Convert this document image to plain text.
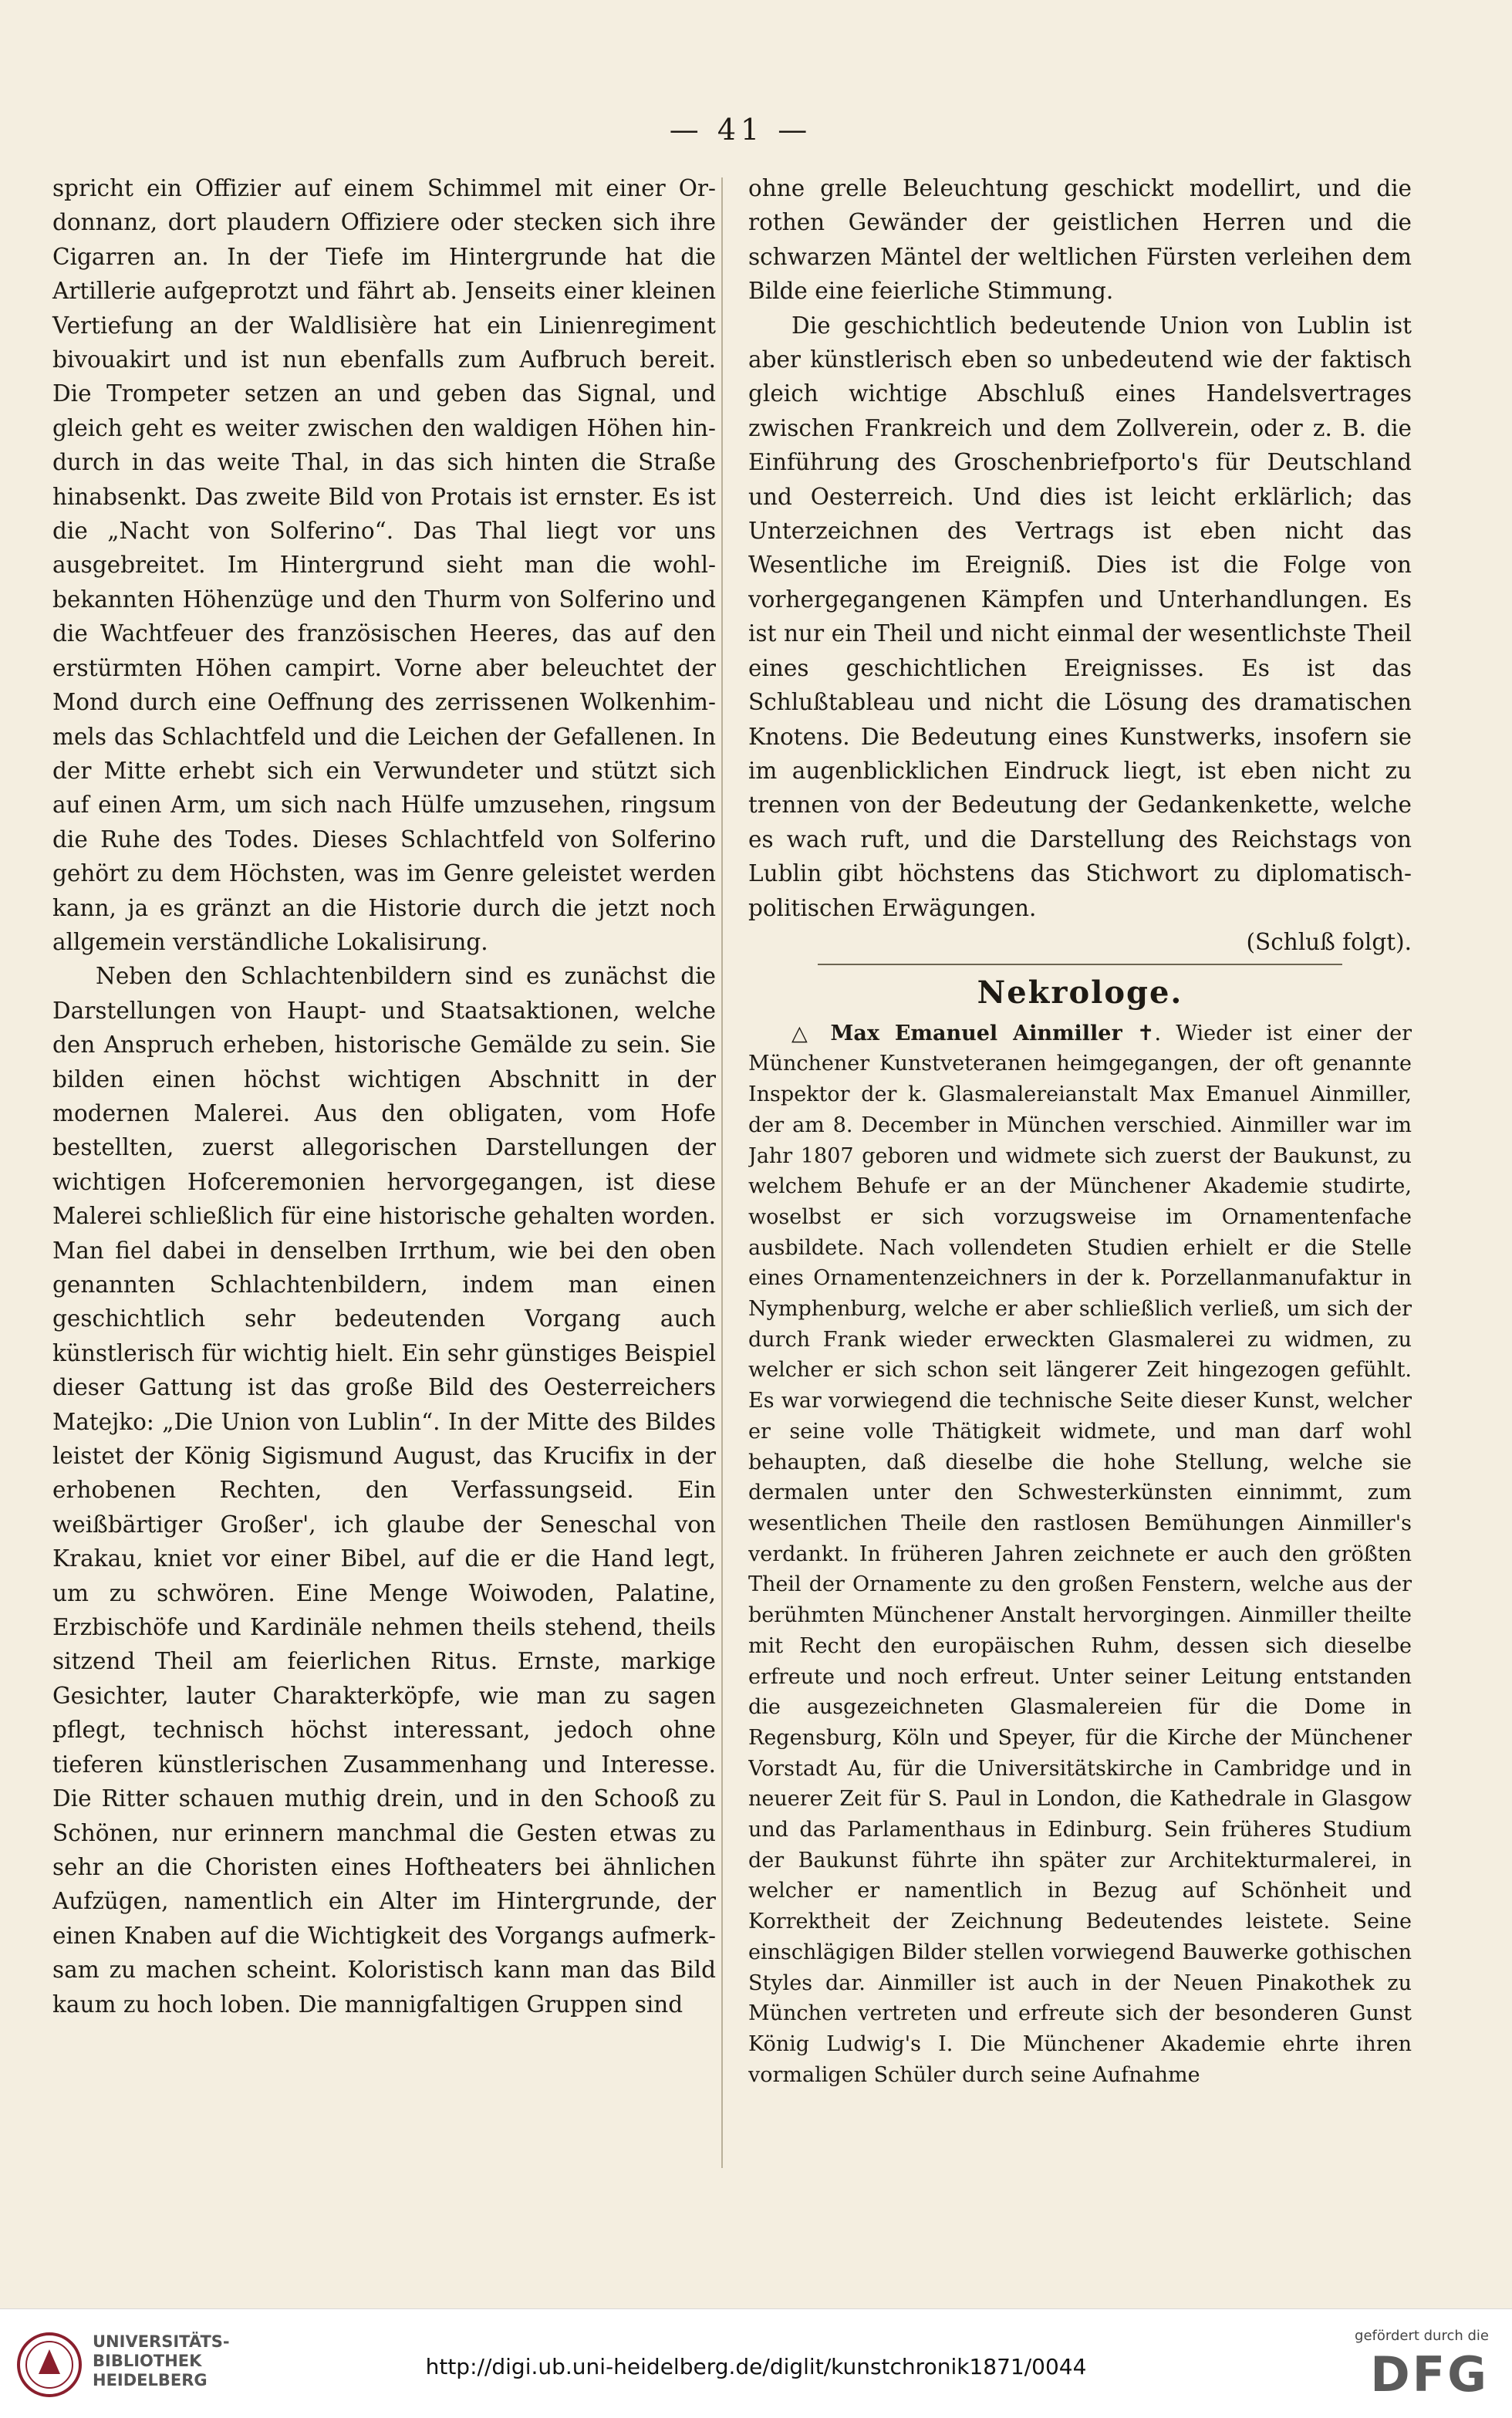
— 41 —

spricht ein Offizier auf einem Schimmel mit einer Ordonnanz, dort plaudern Offiziere oder stecken sich ihre Cigarren an. In der Tiefe im Hintergrunde hat die Artillerie aufgeprotzt und fährt ab. Jenseits einer kleinen Vertiefung an der Waldlisière hat ein Linienregiment bivouakirt und ist nun ebenfalls zum Aufbruch bereit. Die Trompeter setzen an und geben das Signal, und gleich geht es weiter zwischen den waldigen Höhen hindurch in das weite Thal, in das sich hinten die Straße hinabsenkt. Das zweite Bild von Protais ist ernster. Es ist die „Nacht von Solferino“. Das Thal liegt vor uns ausgebreitet. Im Hintergrund sieht man die wohlbekannten Höhenzüge und den Thurm von Solferino und die Wachtfeuer des französischen Heeres, das auf den erstürmten Höhen campirt. Vorne aber beleuchtet der Mond durch eine Oeffnung des zerrissenen Wolkenhimmels das Schlachtfeld und die Leichen der Gefallenen. In der Mitte erhebt sich ein Verwundeter und stützt sich auf einen Arm, um sich nach Hülfe umzusehen, ringsum die Ruhe des Todes. Dieses Schlachtfeld von Solferino gehört zu dem Höchsten, was im Genre geleistet werden kann, ja es gränzt an die Historie durch die jetzt noch allgemein verständliche Lokalisirung.

Neben den Schlachtenbildern sind es zunächst die Darstellungen von Haupt- und Staatsaktionen, welche den Anspruch erheben, historische Gemälde zu sein. Sie bilden einen höchst wichtigen Abschnitt in der modernen Malerei. Aus den obligaten, vom Hofe bestellten, zuerst allegorischen Darstellungen der wichtigen Hofceremonien hervorgegangen, ist diese Malerei schließlich für eine historische gehalten worden. Man fiel dabei in denselben Irrthum, wie bei den oben genannten Schlachtenbildern, indem man einen geschichtlich sehr bedeutenden Vorgang auch künstlerisch für wichtig hielt. Ein sehr günstiges Beispiel dieser Gattung ist das große Bild des Oesterreichers Matejko: „Die Union von Lublin“. In der Mitte des Bildes leistet der König Sigismund August, das Krucifix in der erhobenen Rechten, den Verfassungseid. Ein weißbärtiger Großer', ich glaube der Seneschal von Krakau, kniet vor einer Bibel, auf die er die Hand legt, um zu schwören. Eine Menge Woiwoden, Palatine, Erzbischöfe und Kardinäle nehmen theils stehend, theils sitzend Theil am feierlichen Ritus. Ernste, markige Gesichter, lauter Charakterköpfe, wie man zu sagen pflegt, technisch höchst interessant, jedoch ohne tieferen künstlerischen Zusammenhang und Interesse. Die Ritter schauen muthig drein, und in den Schooß zu Schönen, nur erinnern manchmal die Gesten etwas zu sehr an die Choristen eines Hoftheaters bei ähnlichen Aufzügen, namentlich ein Alter im Hintergrunde, der einen Knaben auf die Wichtigkeit des Vorgangs aufmerksam zu machen scheint. Koloristisch kann man das Bild kaum zu hoch loben. Die mannigfaltigen Gruppen sind

ohne grelle Beleuchtung geschickt modellirt, und die rothen Gewänder der geistlichen Herren und die schwarzen Mäntel der weltlichen Fürsten verleihen dem Bilde eine feierliche Stimmung.

Die geschichtlich bedeutende Union von Lublin ist aber künstlerisch eben so unbedeutend wie der faktisch gleich wichtige Abschluß eines Handelsvertrages zwischen Frankreich und dem Zollverein, oder z. B. die Einführung des Groschenbriefporto's für Deutschland und Oesterreich. Und dies ist leicht erklärlich; das Unterzeichnen des Vertrags ist eben nicht das Wesentliche im Ereigniß. Dies ist die Folge von vorhergegangenen Kämpfen und Unterhandlungen. Es ist nur ein Theil und nicht einmal der wesentlichste Theil eines geschichtlichen Ereignisses. Es ist das Schlußtableau und nicht die Lösung des dramatischen Knotens. Die Bedeutung eines Kunstwerks, insofern sie im augenblicklichen Eindruck liegt, ist eben nicht zu trennen von der Bedeutung der Gedankenkette, welche es wach ruft, und die Darstellung des Reichstags von Lublin gibt höchstens das Stichwort zu diplomatischpolitischen Erwägungen.

(Schluß folgt).
Nekrologe.

△ Max Emanuel Ainmiller ✝. Wieder ist einer der Münchener Kunstveteranen heimgegangen, der oft genannte Inspektor der k. Glasmalereianstalt Max Emanuel Ainmiller, der am 8. December in München verschied. Ainmiller war im Jahr 1807 geboren und widmete sich zuerst der Baukunst, zu welchem Behufe er an der Münchener Akademie studirte, woselbst er sich vorzugsweise im Ornamentenfache ausbildete. Nach vollendeten Studien erhielt er die Stelle eines Ornamentenzeichners in der k. Porzellanmanufaktur in Nymphenburg, welche er aber schließlich verließ, um sich der durch Frank wieder erweckten Glasmalerei zu widmen, zu welcher er sich schon seit längerer Zeit hingezogen gefühlt. Es war vorwiegend die technische Seite dieser Kunst, welcher er seine volle Thätigkeit widmete, und man darf wohl behaupten, daß dieselbe die hohe Stellung, welche sie dermalen unter den Schwesterkünsten einnimmt, zum wesentlichen Theile den rastlosen Bemühungen Ainmiller's verdankt. In früheren Jahren zeichnete er auch den größten Theil der Ornamente zu den großen Fenstern, welche aus der berühmten Münchener Anstalt hervorgingen. Ainmiller theilte mit Recht den europäischen Ruhm, dessen sich dieselbe erfreute und noch erfreut. Unter seiner Leitung entstanden die ausgezeichneten Glasmalereien für die Dome in Regensburg, Köln und Speyer, für die Kirche der Münchener Vorstadt Au, für die Universitätskirche in Cambridge und in neuerer Zeit für S. Paul in London, die Kathedrale in Glasgow und das Parlamenthaus in Edinburg. Sein früheres Studium der Baukunst führte ihn später zur Architekturmalerei, in welcher er namentlich in Bezug auf Schönheit und Korrektheit der Zeichnung Bedeutendes leistete. Seine einschlägigen Bilder stellen vorwiegend Bauwerke gothischen Styles dar. Ainmiller ist auch in der Neuen Pinakothek zu München vertreten und erfreute sich der besonderen Gunst König Ludwig's I. Die Münchener Akademie ehrte ihren vormaligen Schüler durch seine Aufnahme

UNIVERSITÄTS-
BIBLIOTHEK
HEIDELBERG
http://digi.ub.uni-heidelberg.de/diglit/kunstchronik1871/0044
gefördert durch die
DFG
